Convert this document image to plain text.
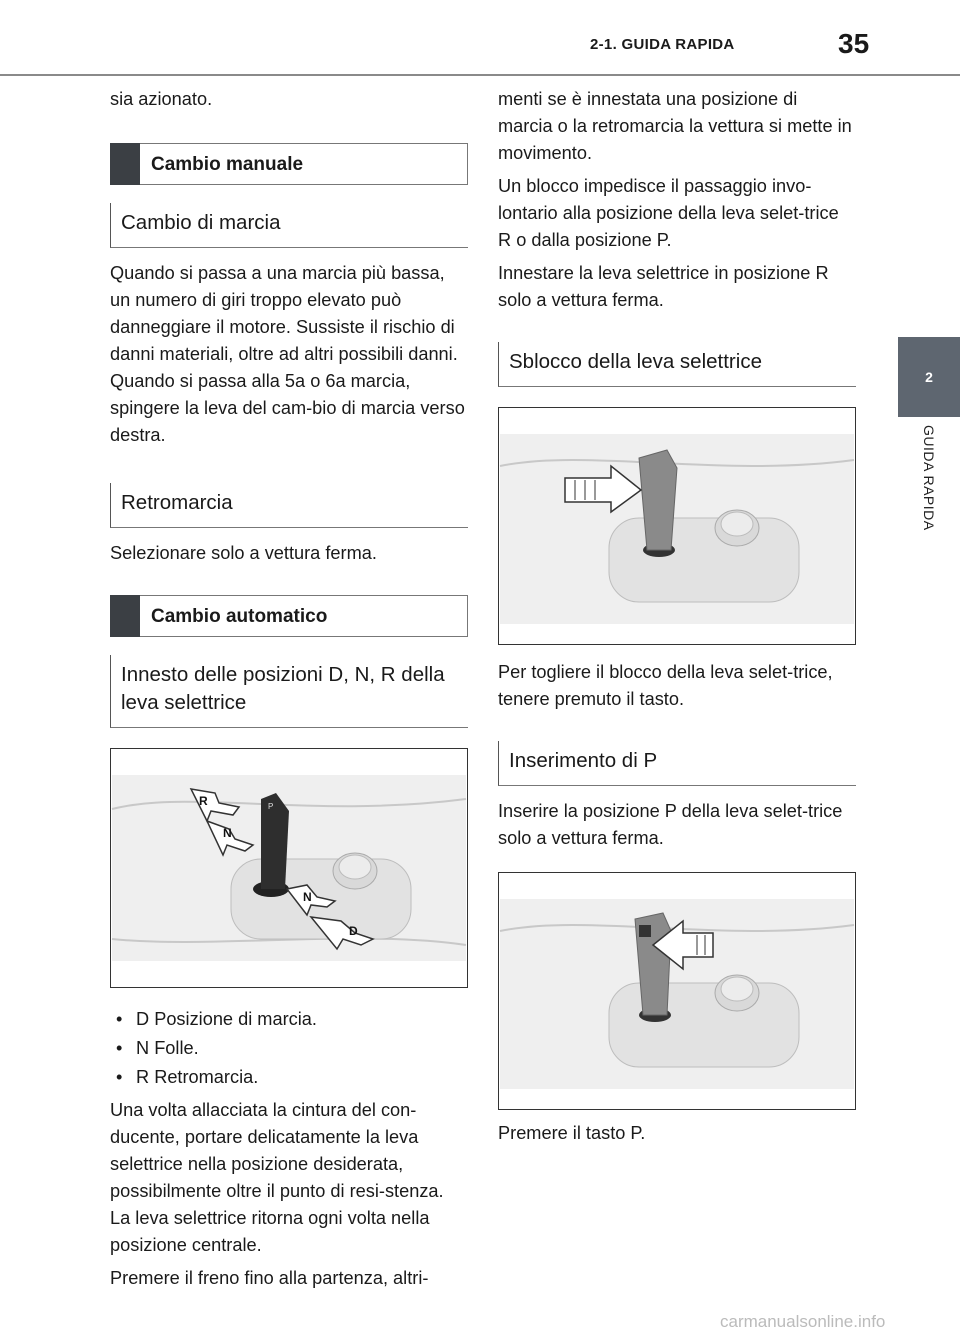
2-1. GUIDA RAPIDA	35
2
GUIDA RAPIDA

sia azionato.

Cambio manuale
Cambio di marcia

Quando si passa a una marcia più bassa, un numero di giri troppo elevato può danneggiare il motore. Sussiste il rischio di danni materiali, oltre ad altri possibili danni. Quando si passa alla 5a o 6a marcia, spingere la leva del cam-bio di marcia verso destra.

Retromarcia

Selezionare solo a vettura ferma.

Cambio automatico
Innesto delle posizioni D, N, R della leva selettrice
R
N
N
D
P
• D Posizione di marcia.
• N Folle.
• R Retromarcia.

Una volta allacciata la cintura del con-ducente, portare delicatamente la leva selettrice nella posizione desiderata, possibilmente oltre il punto di resi-stenza. La leva selettrice ritorna ogni volta nella posizione centrale.

Premere il freno fino alla partenza, altri-

menti se è innestata una posizione di marcia o la retromarcia la vettura si mette in movimento.

Un blocco impedisce il passaggio invo-lontario alla posizione della leva selet-trice R o dalla posizione P.

Innestare la leva selettrice in posizione R solo a vettura ferma.

Sblocco della leva selettrice

Per togliere il blocco della leva selet-trice, tenere premuto il tasto.

Inserimento di P

Inserire la posizione P della leva selet-trice solo a vettura ferma.

Premere il tasto P.

carmanualsonline.info
